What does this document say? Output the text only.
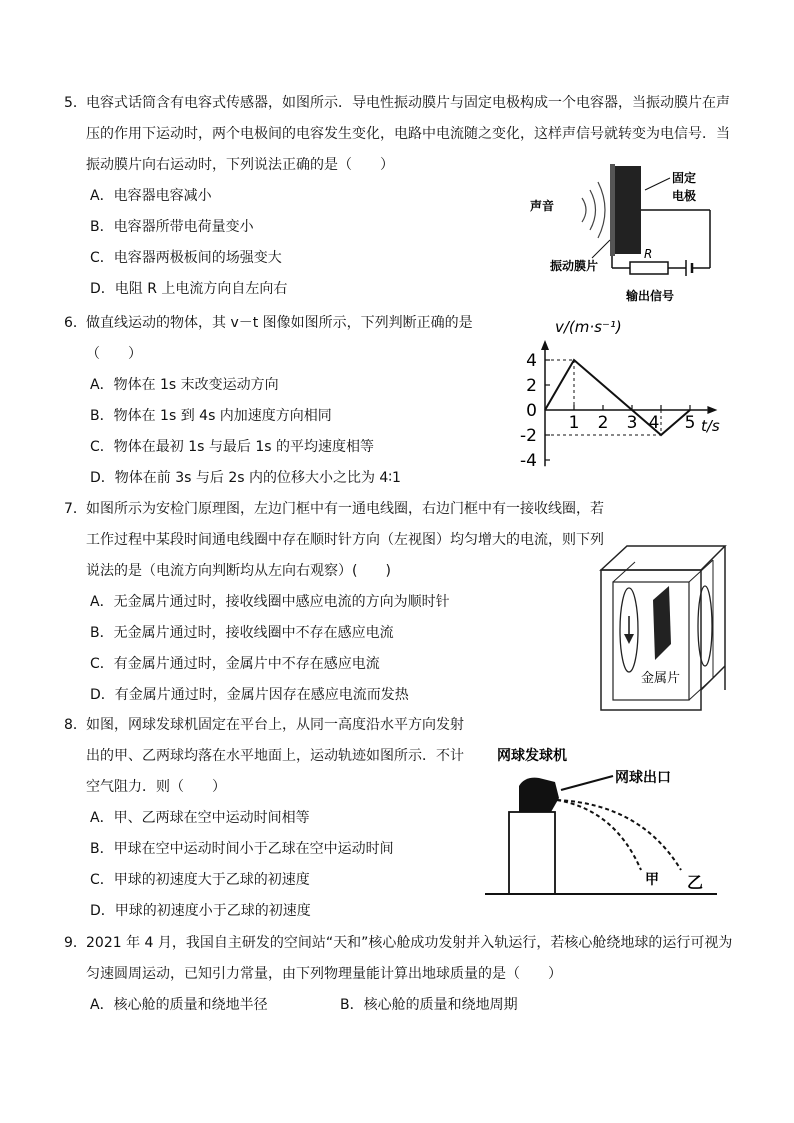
5． 电容式话筒含有电容式传感器，如图所示．导电性振动膜片与固定电极构成一个电容器，当振动膜片在声压的作用下运动时，两个电极间的电容发生变化，电路中电流随之变化，这样声信号就转变为电信号．当振动膜片向右运动时，下列说法正确的是（　　）
A．电容器电容减小
B．电容器所带电荷量变小
C．电容器两极板间的场强变大
D．电阻 R 上电流方向自左向右
固定
电极
声音
振动膜片
R
输出信号
6． 做直线运动的物体，其 v－t 图像如图所示，下列判断正确的是（　　）
A．物体在 1s 末改变运动方向
B．物体在 1s 到 4s 内加速度方向相同
C．物体在最初 1s 与最后 1s 的平均速度相等
D．物体在前 3s 与后 2s 内的位移大小之比为 4∶1
v/(m·s⁻¹)
t/s
4
2
0
-2
-4
1 2 3 4 5
7． 如图所示为安检门原理图，左边门框中有一通电线圈，右边门框中有一接收线圈，若工作过程中某段时间通电线圈中存在顺时针方向（左视图）均匀增大的电流，则下列说法的是（电流方向判断均从左向右观察）(　　)
A．无金属片通过时，接收线圈中感应电流的方向为顺时针
B．无金属片通过时，接收线圈中不存在感应电流
C．有金属片通过时，金属片中不存在感应电流
D．有金属片通过时，金属片因存在感应电流而发热
金属片
8． 如图，网球发球机固定在平台上，从同一高度沿水平方向发射出的甲、乙两球均落在水平地面上，运动轨迹如图所示．不计空气阻力．则（　　）
A．甲、乙两球在空中运动时间相等
B．甲球在空中运动时间小于乙球在空中运动时间
C．甲球的初速度大于乙球的初速度
D．甲球的初速度小于乙球的初速度
网球发球机
网球出口
甲 乙
9． 2021 年 4 月，我国自主研发的空间站“天和”核心舱成功发射并入轨运行，若核心舱绕地球的运行可视为匀速圆周运动，已知引力常量，由下列物理量能计算出地球质量的是（　　）
A．核心舱的质量和绕地半径	B．核心舱的质量和绕地周期
